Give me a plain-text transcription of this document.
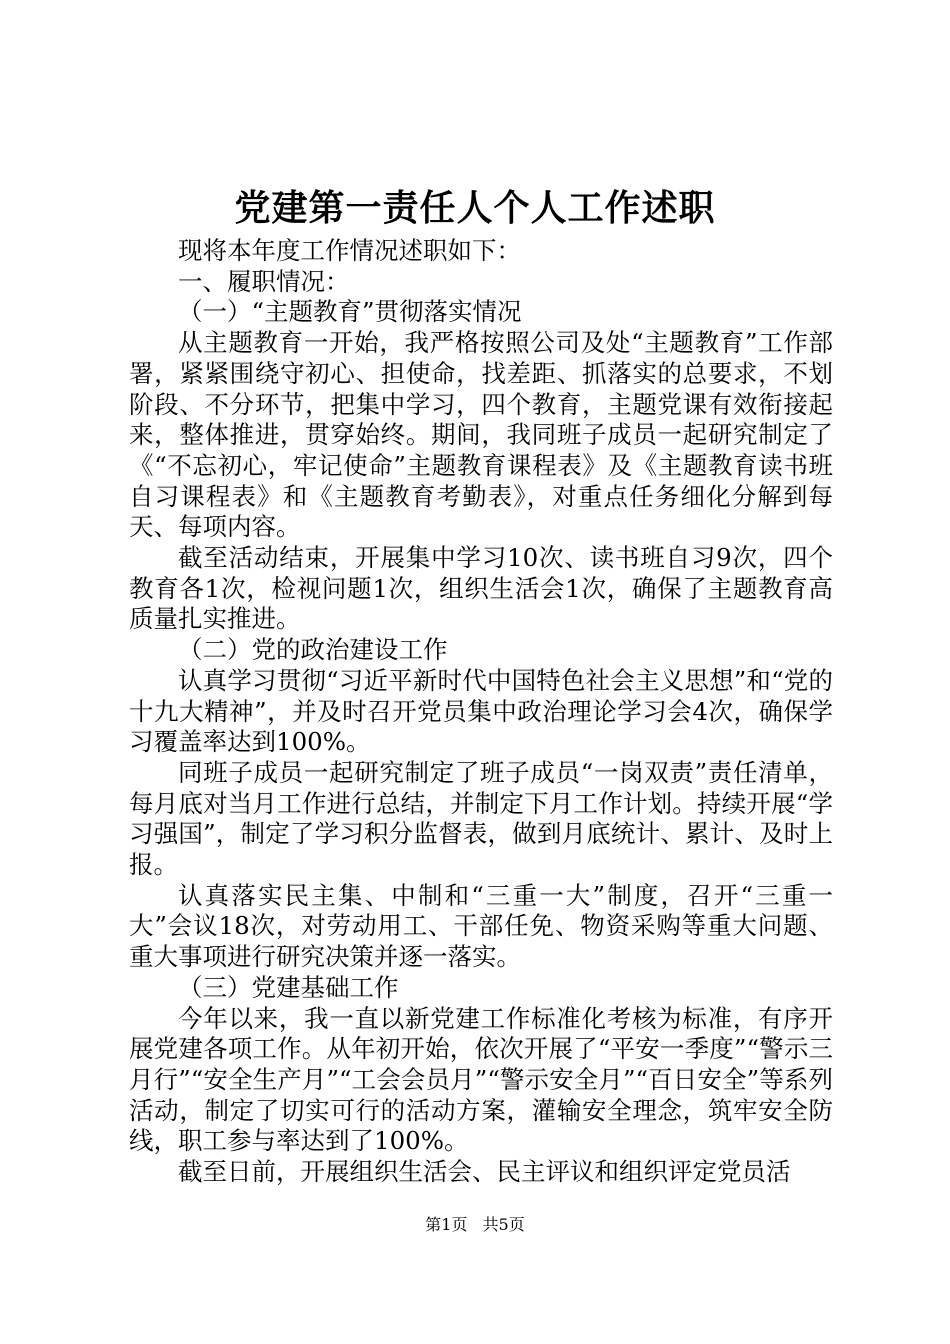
党建第一责任人个人工作述职

现将本年度工作情况述职如下：

一、履职情况：

（一）“主题教育”贯彻落实情况

从主题教育一开始，我严格按照公司及处“主题教育”工作部署，紧紧围绕守初心、担使命，找差距、抓落实的总要求，不划阶段、不分环节，把集中学习，四个教育，主题党课有效衔接起来，整体推进，贯穿始终。期间，我同班子成员一起研究制定了《“不忘初心，牢记使命”主题教育课程表》及《主题教育读书班自习课程表》和《主题教育考勤表》，对重点任务细化分解到每天、每项内容。

截至活动结束，开展集中学习10次、读书班自习9次，四个教育各1次，检视问题1次，组织生活会1次，确保了主题教育高质量扎实推进。

（二）党的政治建设工作

认真学习贯彻“习近平新时代中国特色社会主义思想”和“党的十九大精神”，并及时召开党员集中政治理论学习会4次，确保学习覆盖率达到100%。

同班子成员一起研究制定了班子成员“一岗双责”责任清单，每月底对当月工作进行总结，并制定下月工作计划。持续开展“学习强国”，制定了学习积分监督表，做到月底统计、累计、及时上报。

认真落实民主集、中制和“三重一大”制度，召开“三重一大”会议18次，对劳动用工、干部任免、物资采购等重大问题、重大事项进行研究决策并逐一落实。

（三）党建基础工作

今年以来，我一直以新党建工作标准化考核为标准，有序开展党建各项工作。从年初开始，依次开展了“平安一季度”“警示三月行”“安全生产月”“工会会员月”“警示安全月”“百日安全”等系列活动，制定了切实可行的活动方案，灌输安全理念，筑牢安全防线，职工参与率达到了100%。

截至日前，开展组织生活会、民主评议和组织评定党员活

第1页 共5页
